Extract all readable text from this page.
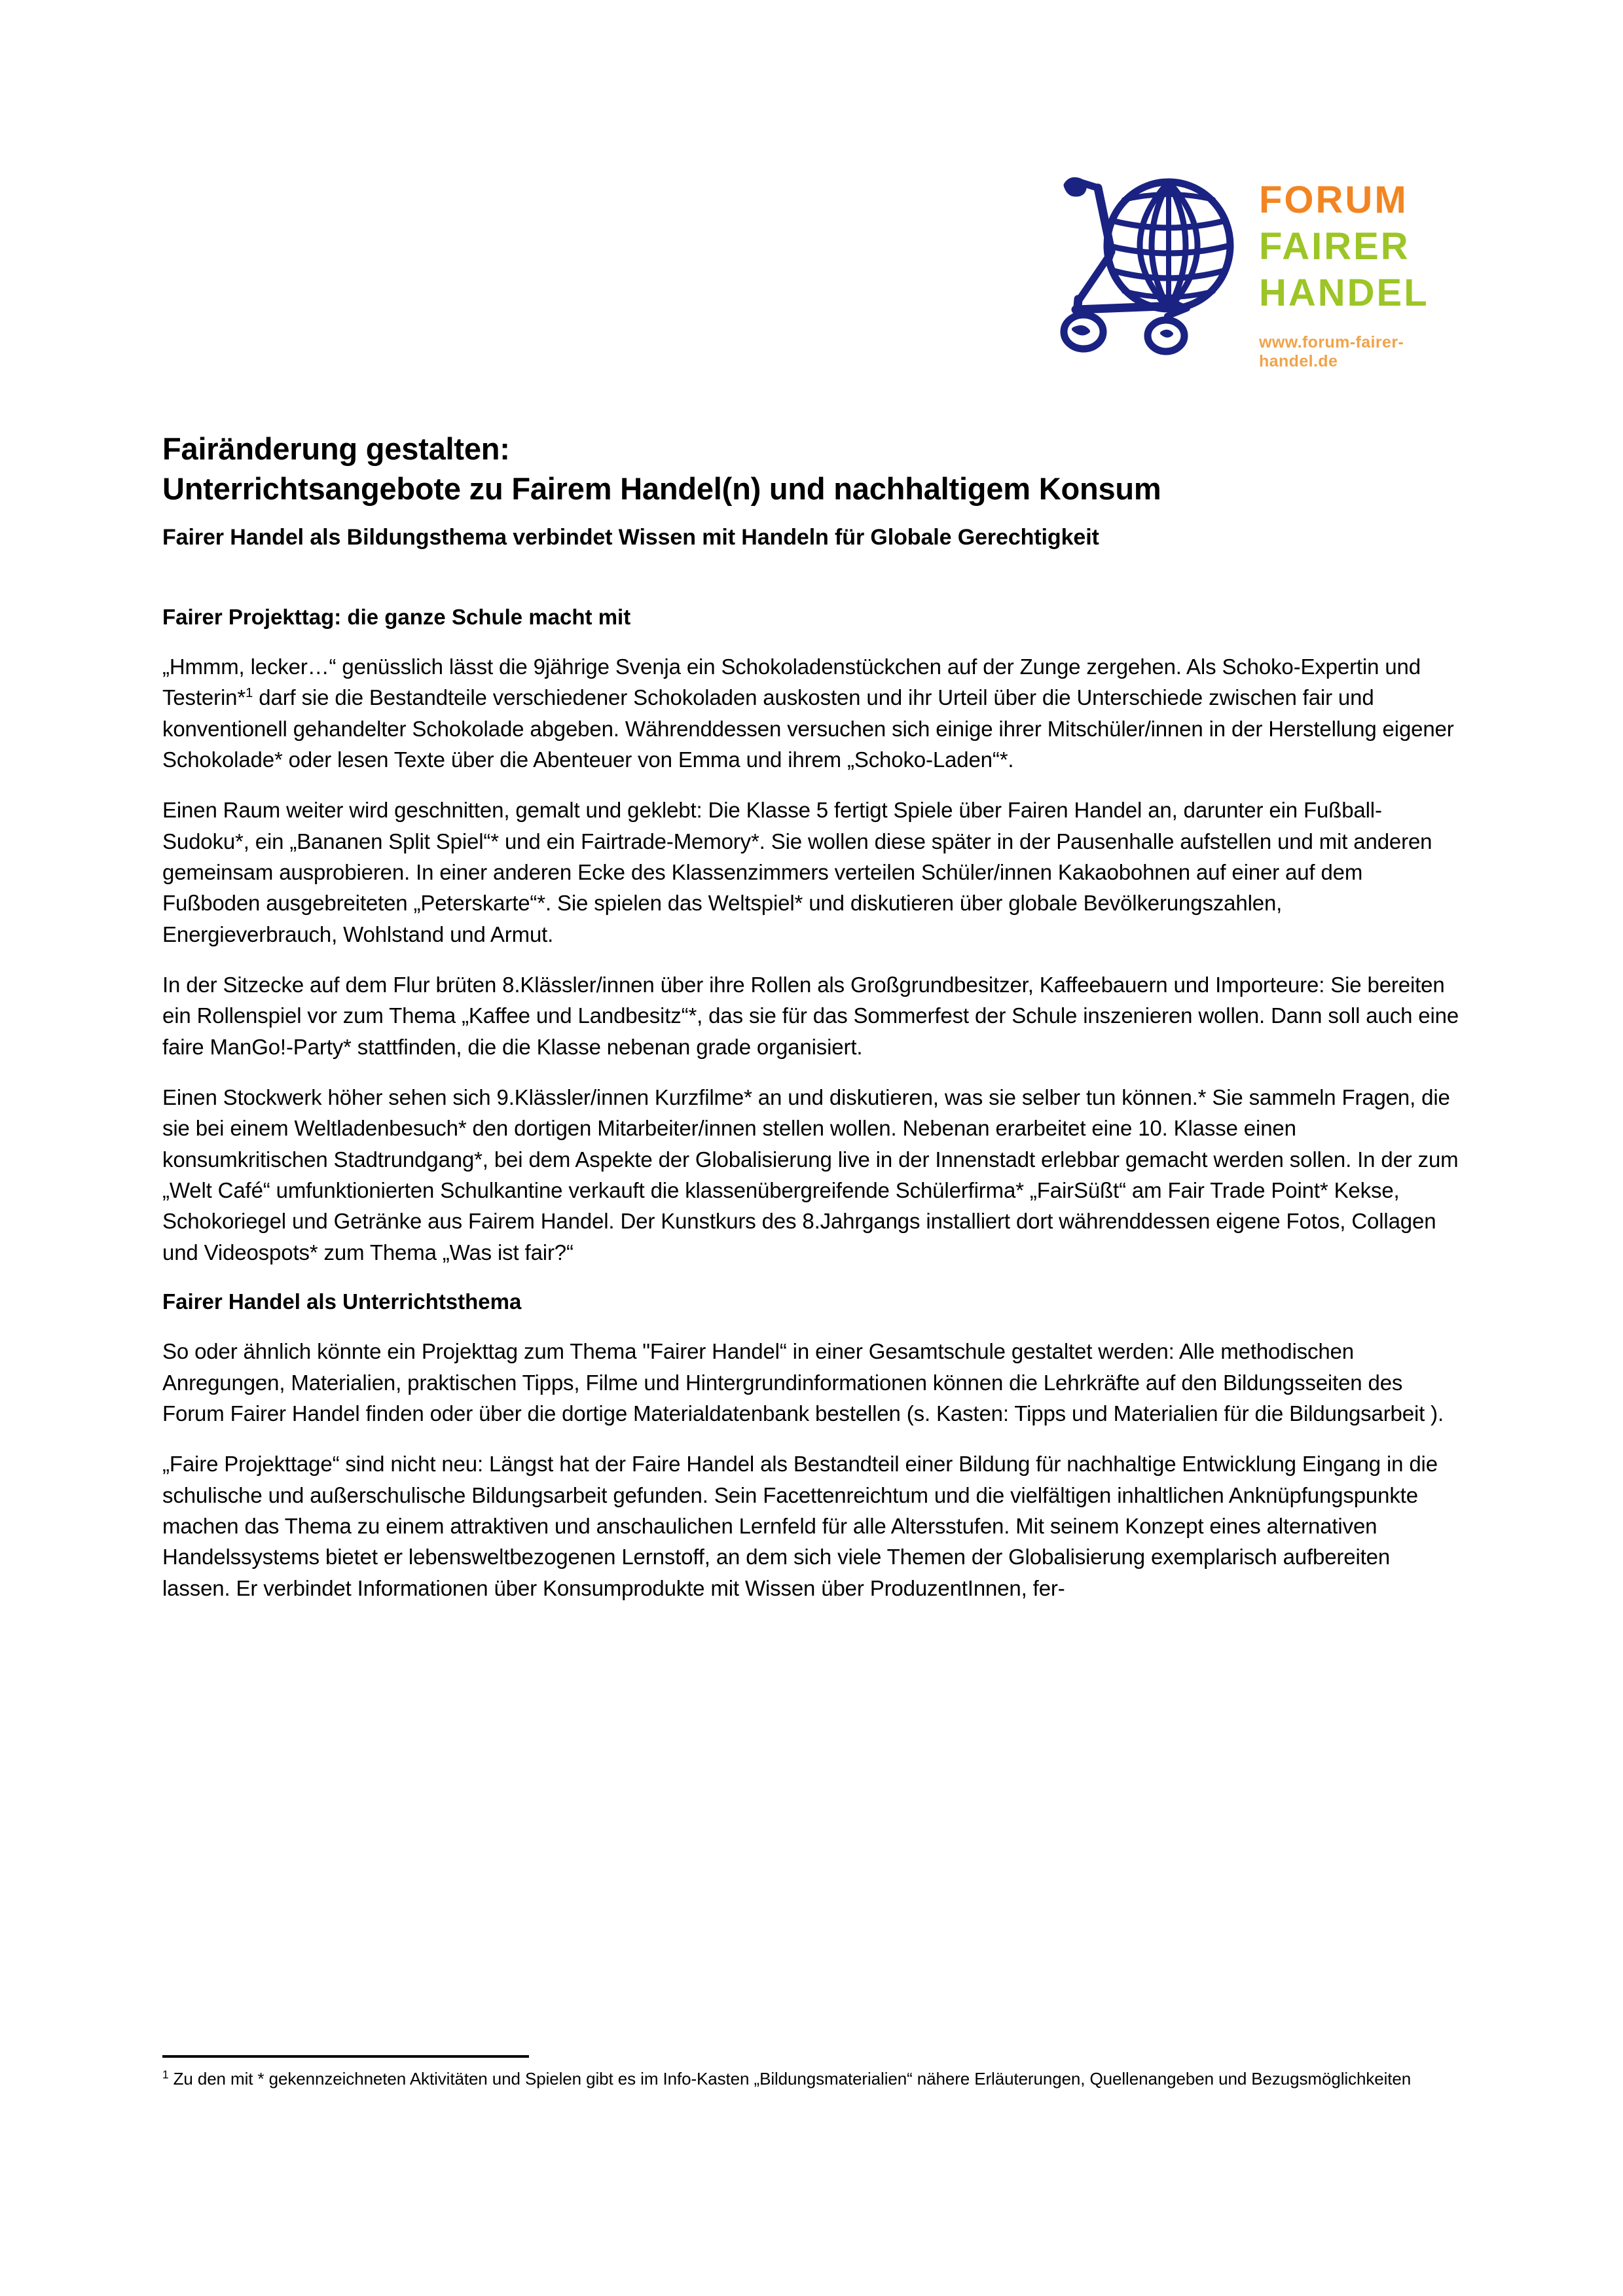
FORUM
FAIRER
HANDEL
www.forum-fairer-handel.de
Fairänderung gestalten:
Unterrichtsangebote zu Fairem Handel(n) und nachhaltigem Konsum
Fairer Handel als Bildungsthema verbindet Wissen mit Handeln für Globale Gerechtigkeit
Fairer Projekttag: die ganze Schule macht mit

„Hmmm, lecker…“ genüsslich lässt die 9jährige Svenja ein Schokoladenstückchen auf der Zunge zergehen. Als Schoko-Expertin und Testerin*$^1$ darf sie die Bestandteile verschiedener Schokoladen auskosten und ihr Urteil über die Unterschiede zwischen fair und konventionell gehandelter Schokolade abgeben. Währenddessen versuchen sich einige ihrer Mitschüler/innen in der Herstellung eigener Schokolade* oder lesen Texte über die Abenteuer von Emma und ihrem „Schoko-Laden“*.

Einen Raum weiter wird geschnitten, gemalt und geklebt: Die Klasse 5 fertigt Spiele über Fairen Handel an, darunter ein Fußball-Sudoku*, ein „Bananen Split Spiel“* und ein Fairtrade-Memory*. Sie wollen diese später in der Pausenhalle aufstellen und mit anderen gemeinsam ausprobieren. In einer anderen Ecke des Klassenzimmers verteilen Schüler/innen Kakaobohnen auf einer auf dem Fußboden ausgebreiteten „Peterskarte“*. Sie spielen das Weltspiel* und diskutieren über globale Bevölkerungszahlen, Energieverbrauch, Wohlstand und Armut.

In der Sitzecke auf dem Flur brüten 8.Klässler/innen über ihre Rollen als Großgrundbesitzer, Kaffeebauern und Importeure: Sie bereiten ein Rollenspiel vor zum Thema „Kaffee und Landbesitz“*, das sie für das Sommerfest der Schule inszenieren wollen. Dann soll auch eine faire ManGo!-Party* stattfinden, die die Klasse nebenan grade organisiert.

Einen Stockwerk höher sehen sich 9.Klässler/innen Kurzfilme* an und diskutieren, was sie selber tun können.* Sie sammeln Fragen, die sie bei einem Weltladenbesuch* den dortigen Mitarbeiter/innen stellen wollen. Nebenan erarbeitet eine 10. Klasse einen konsumkritischen Stadtrundgang*, bei dem Aspekte der Globalisierung live in der Innenstadt erlebbar gemacht werden sollen. In der zum „Welt Café“ umfunktionierten Schulkantine verkauft die klassenübergreifende Schülerfirma* „FairSüßt“ am Fair Trade Point* Kekse, Schokoriegel und Getränke aus Fairem Handel. Der Kunstkurs des 8.Jahrgangs installiert dort währenddessen eigene Fotos, Collagen und Videospots* zum Thema „Was ist fair?“

Fairer Handel als Unterrichtsthema

So oder ähnlich könnte ein Projekttag zum Thema "Fairer Handel“ in einer Gesamtschule gestaltet werden: Alle methodischen Anregungen, Materialien, praktischen Tipps, Filme und Hintergrundinformationen können die Lehrkräfte auf den Bildungsseiten des Forum Fairer Handel finden oder über die dortige Materialdatenbank bestellen (s. Kasten: Tipps und Materialien für die Bildungsarbeit ).

„Faire Projekttage“ sind nicht neu: Längst hat der Faire Handel als Bestandteil einer Bildung für nachhaltige Entwicklung Eingang in die schulische und außerschulische Bildungsarbeit gefunden. Sein Facettenreichtum und die vielfältigen inhaltlichen Anknüpfungspunkte machen das Thema zu einem attraktiven und anschaulichen Lernfeld für alle Altersstufen. Mit seinem Konzept eines alternativen Handelssystems bietet er lebensweltbezogenen Lernstoff, an dem sich viele Themen der Globalisierung exemplarisch aufbereiten lassen. Er verbindet Informationen über Konsumprodukte mit Wissen über ProduzentInnen, fer-

$^1$ Zu den mit * gekennzeichneten Aktivitäten und Spielen gibt es im Info-Kasten „Bildungsmaterialien“ nähere Erläuterungen, Quellenangeben und Bezugsmöglichkeiten
